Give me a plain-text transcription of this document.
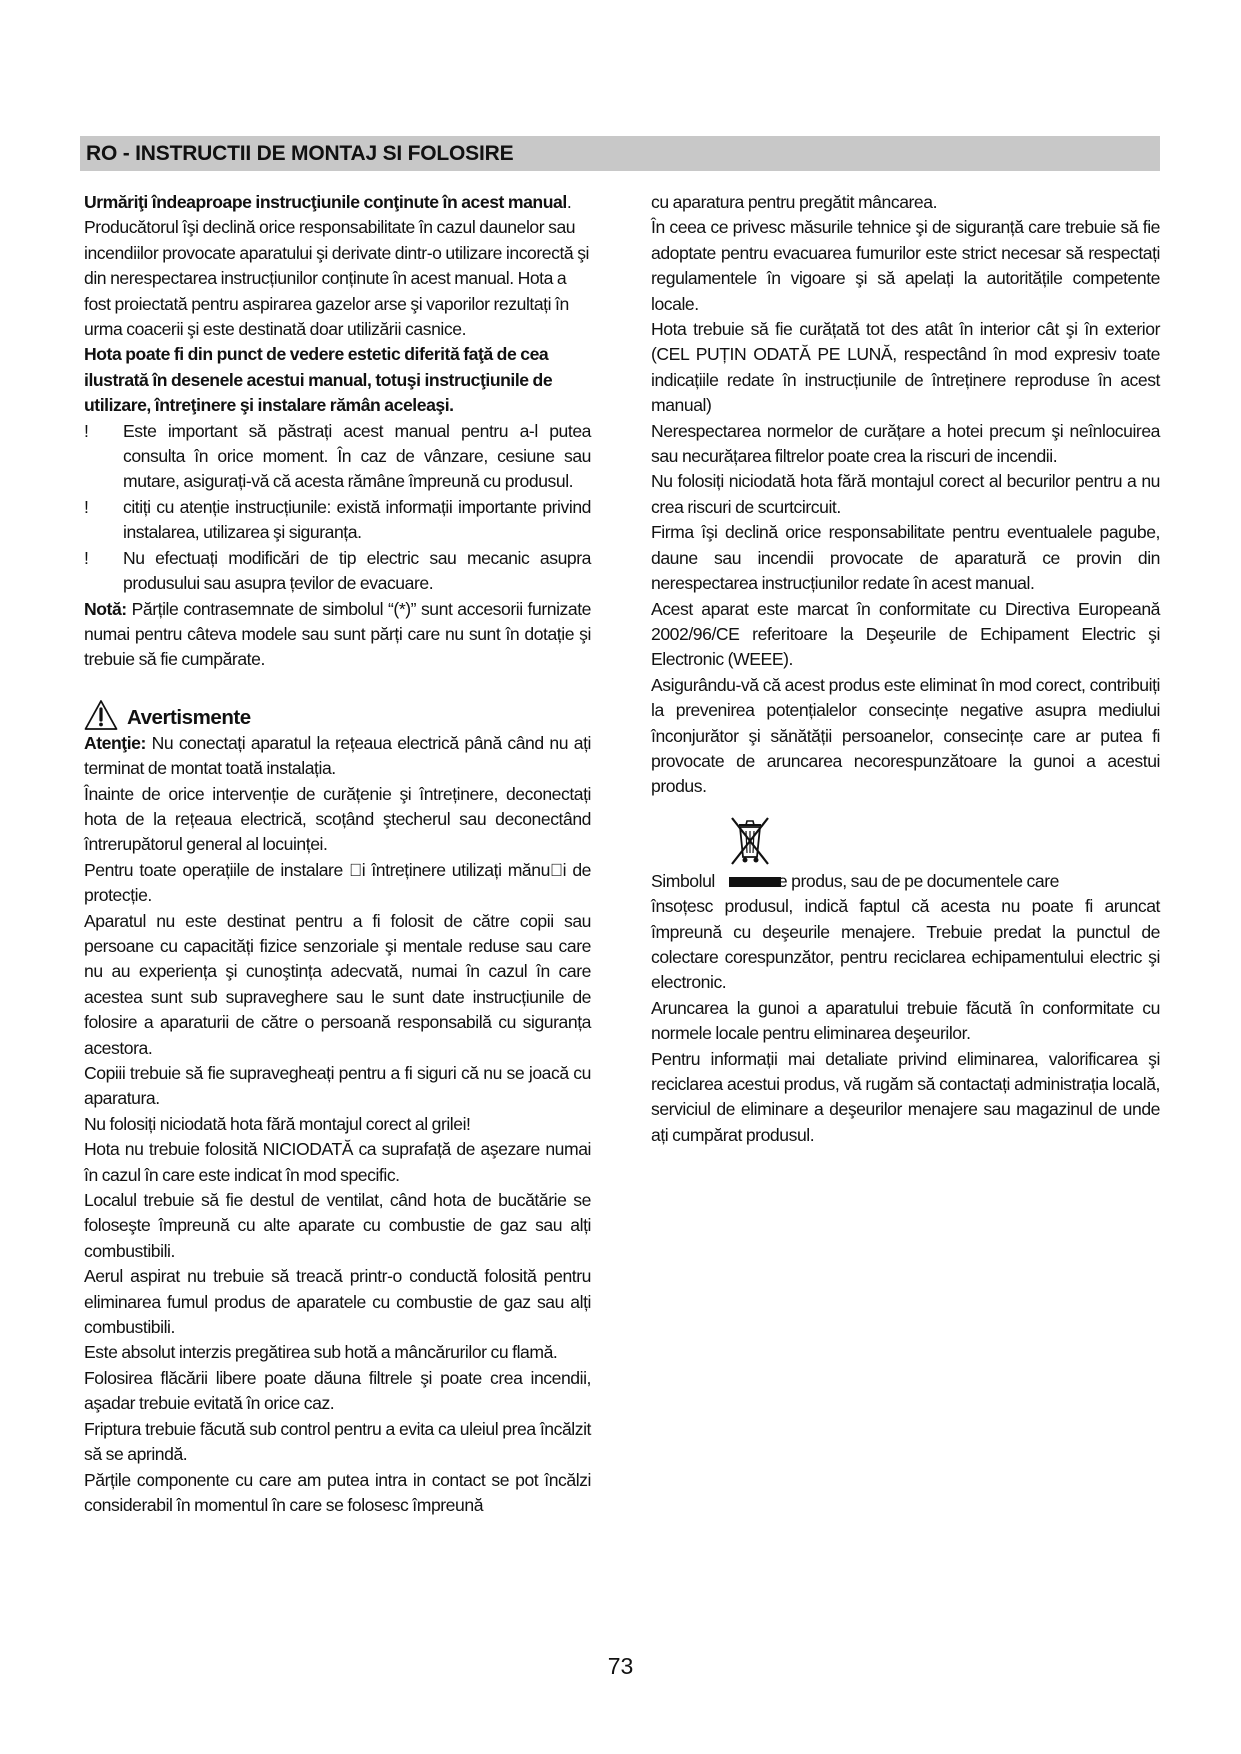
RO - INSTRUCTII DE MONTAJ SI FOLOSIRE

Urmăriţi îndeaproape instrucţiunile conţinute în acest manual. Producătorul îşi declină orice responsabilitate în cazul daunelor sau incendiilor provocate aparatului şi derivate dintr-o utilizare incorectă şi din nerespectarea instrucțiunilor conținute în acest manual. Hota a fost proiectată pentru aspirarea gazelor arse şi vaporilor rezultați în urma coacerii şi este destinată doar utilizării casnice.

Hota poate fi din punct de vedere estetic diferită faţă de cea ilustrată în desenele acestui manual, totuşi instrucţiunile de utilizare, întreţinere şi instalare rămân aceleaşi.

! Este important să păstrați acest manual pentru a-l putea consulta în orice moment. În caz de vânzare, cesiune sau mutare, asigurați-vă că acesta rămâne împreună cu produsul.

! citiți cu atenție instrucțiunile: există informații importante privind instalarea, utilizarea şi siguranța.

! Nu efectuați modificări de tip electric sau mecanic asupra produsului sau asupra țevilor de evacuare.

Notă: Părțile contrasemnate de simbolul “(*)” sunt accesorii furnizate numai pentru câteva modele sau sunt părți care nu sunt în dotație şi trebuie să fie cumpărate.

Avertismente

Atenţie: Nu conectați aparatul la rețeaua electrică până când nu ați terminat de montat toată instalația.

Înainte de orice intervenție de curățenie şi întreținere, deconectați hota de la rețeaua electrică, scoțând ştecherul sau deconectând întrerupătorul general al locuinței.

Pentru toate operațiile de instalare  i întreținere utilizați mănu i de protecție.

Aparatul nu este destinat pentru a fi folosit de către copii sau persoane cu capacități fizice senzoriale şi mentale reduse sau care nu au experiența şi cunoştința adecvată, numai în cazul în care acestea sunt sub supraveghere sau le sunt date instrucțiunile de folosire a aparaturii de către o persoană responsabilă cu siguranța acestora.

Copiii trebuie să fie supravegheați pentru a fi siguri că nu se joacă cu aparatura.

Nu folosiți niciodată hota fără montajul corect al grilei!

Hota nu trebuie folosită NICIODATĂ ca suprafață de aşezare numai în cazul în care este indicat în mod specific.

Localul trebuie să fie destul de ventilat, când hota de bucătărie se foloseşte împreună cu alte aparate cu combustie de gaz sau alți combustibili.

Aerul aspirat nu trebuie să treacă printr-o conductă folosită pentru eliminarea fumul produs de aparatele cu combustie de gaz sau alți combustibili.

Este absolut interzis pregătirea sub hotă a mâncărurilor cu flamă.

Folosirea flăcării libere poate dăuna filtrele şi poate crea incendii, aşadar trebuie evitată în orice caz.

Friptura trebuie făcută sub control pentru a evita ca uleiul prea încălzit să se aprindă.

Părțile componente cu care am putea intra in contact se pot încălzi considerabil în momentul în care se folosesc împreună

cu aparatura pentru pregătit mâncarea.

În ceea ce privesc măsurile tehnice şi de siguranță care trebuie să fie adoptate pentru evacuarea fumurilor este strict necesar să respectați regulamentele în vigoare şi să apelați la autoritățile competente locale.

Hota trebuie să fie curățată tot des atât în interior cât şi în exterior (CEL PUȚIN ODATĂ PE LUNĂ, respectând în mod expresiv toate indicațiile redate în instrucțiunile de întreținere reproduse în acest manual)

Nerespectarea normelor de curățare a hotei precum şi neînlocuirea sau necurățarea filtrelor poate crea la riscuri de incendii.

Nu folosiți niciodată hota fără montajul corect al becurilor pentru a nu crea riscuri de scurtcircuit.

Firma îşi declină orice responsabilitate pentru eventualele pagube, daune sau incendii provocate de aparatură ce provin din nerespectarea instrucțiunilor redate în acest manual.

Acest aparat este marcat în conformitate cu Directiva Europeană 2002/96/CE referitoare la Deşeurile de Echipament Electric şi Electronic (WEEE).

Asigurându-vă că acest produs este eliminat în mod corect, contribuiți la prevenirea potențialelor consecințe negative asupra mediului înconjurător şi sănătății persoanelor, consecințe care ar putea fi provocate de aruncarea necorespunzătoare la gunoi a acestui produs.

Simbolul	e produs, sau de pe documentele care

însoțesc produsul, indică faptul că acesta nu poate fi aruncat împreună cu deşeurile menajere. Trebuie predat la punctul de colectare corespunzător, pentru reciclarea echipamentului electric şi electronic.

Aruncarea la gunoi a aparatului trebuie făcută în conformitate cu normele locale pentru eliminarea deşeurilor.

Pentru informații mai detaliate privind eliminarea, valorificarea şi reciclarea acestui produs, vă rugăm să contactați administrația locală, serviciul de eliminare a deşeurilor menajere sau magazinul de unde ați cumpărat produsul.

73
